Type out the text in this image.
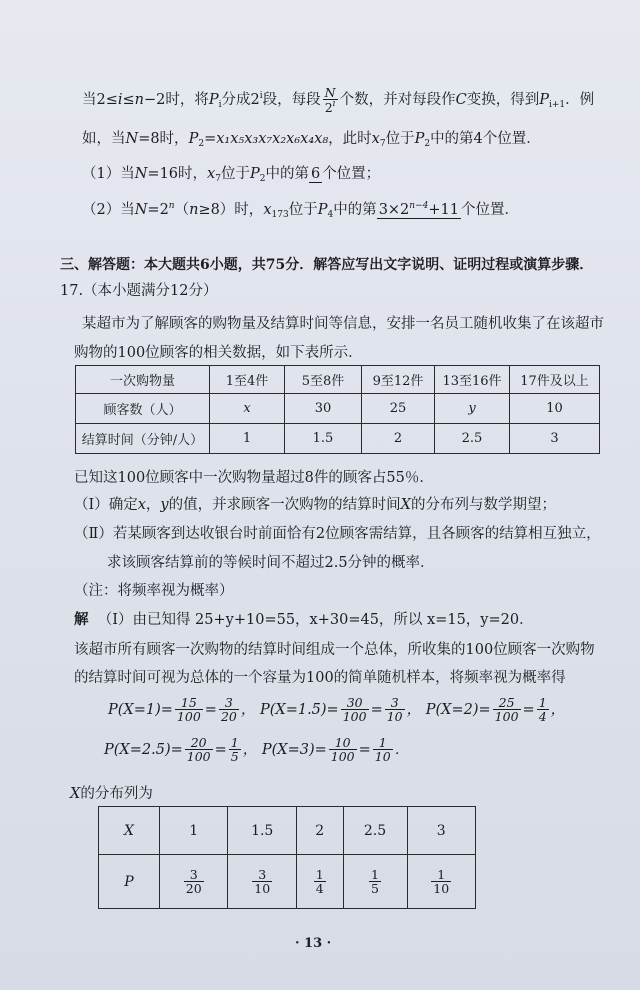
当2≤i≤n−2时，将$P_i$分成2$^i$段，每段 $\frac{N}{2^i}$ 个数，并对每段作C变换，得到$P_{i+1}$．例
如，当N=8时，$P_2=x_1x_5x_3x_7x_2x_6x_4x_8$，此时$x_7$位于$P_2$中的第4个位置．
（1）当N=16时，$x_7$位于$P_2$中的第 6 个位置；
（2）当$N=2^n(n\ge 8)$时，$x_{173}$位于$P_4$中的第 $3\times 2^{n-4}+11$ 个位置．
三、解答题：本大题共6小题，共75分．解答应写出文字说明、证明过程或演算步骤．
17.（本小题满分12分）
某超市为了解顾客的购物量及结算时间等信息，安排一名员工随机收集了在该超市
购物的100位顾客的相关数据，如下表所示．
一次购物量	1至4件	5至8件	9至12件	13至16件	17件及以上
顾客数（人）	x	30	25	y	10
结算时间（分钟/人）	1	1.5	2	2.5	3
已知这100位顾客中一次购物量超过8件的顾客占55％．
（Ⅰ）确定x，y的值，并求顾客一次购物的结算时间X的分布列与数学期望；
（Ⅱ）若某顾客到达收银台时前面恰有2位顾客需结算，且各顾客的结算相互独立，
求该顾客结算前的等候时间不超过2.5分钟的概率．
（注：将频率视为概率）
解 （Ⅰ）由已知得 25+y+10=55，x+30=45，所以 x=15，y=20．
该超市所有顾客一次购物的结算时间组成一个总体，所收集的100位顾客一次购物
的结算时间可视为总体的一个容量为100的简单随机样本，将频率视为概率得
$P(X=1)= \frac{15}{100} = \frac{3}{20}$ ， $P(X=1.5)= \frac{30}{100} = \frac{3}{10}$ ， $P(X=2)= \frac{25}{100} = \frac{1}{4}$ ，
$P(X=2.5)= \frac{20}{100} = \frac{1}{5}$ ， $P(X=3)= \frac{10}{100} = \frac{1}{10}$ ．
X的分布列为
X	1	1.5	2	2.5	3
P	$\frac{3}{20}$	$\frac{3}{10}$	$\frac{1}{4}$	$\frac{1}{5}$	$\frac{1}{10}$
· 13 ·
